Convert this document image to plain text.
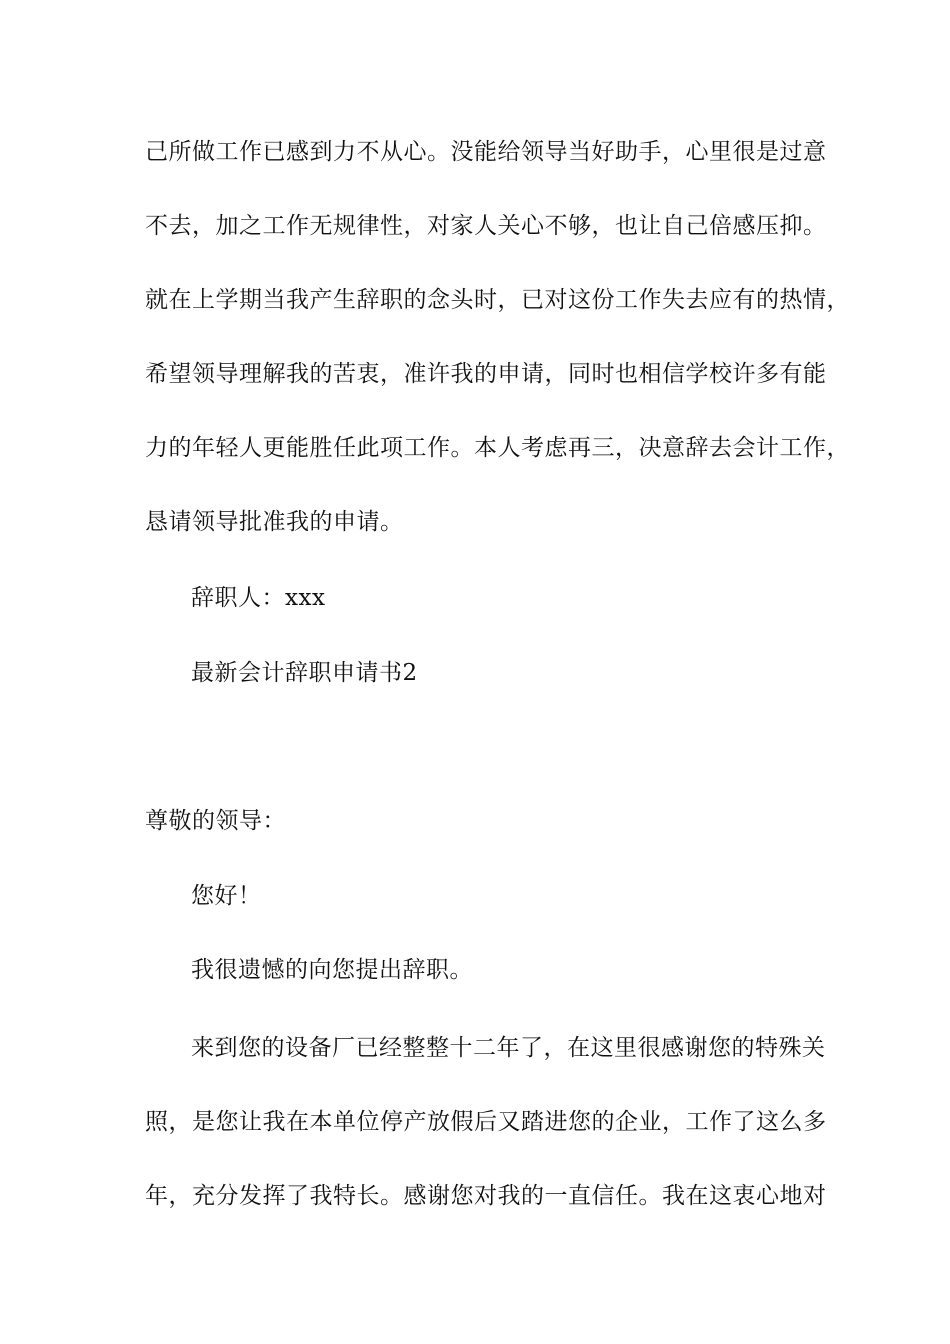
己所做工作已感到力不从心。没能给领导当好助手，心里很是过意
不去，加之工作无规律性，对家人关心不够，也让自己倍感压抑。
就在上学期当我产生辞职的念头时，已对这份工作失去应有的热情，
希望领导理解我的苦衷，准许我的申请，同时也相信学校许多有能
力的年轻人更能胜任此项工作。本人考虑再三，决意辞去会计工作，
恳请领导批准我的申请。
辞职人：xxx
最新会计辞职申请书2
尊敬的领导：
您好！
我很遗憾的向您提出辞职。
来到您的设备厂已经整整十二年了，在这里很感谢您的特殊关
照，是您让我在本单位停产放假后又踏进您的企业，工作了这么多
年，充分发挥了我特长。感谢您对我的一直信任。我在这衷心地对
